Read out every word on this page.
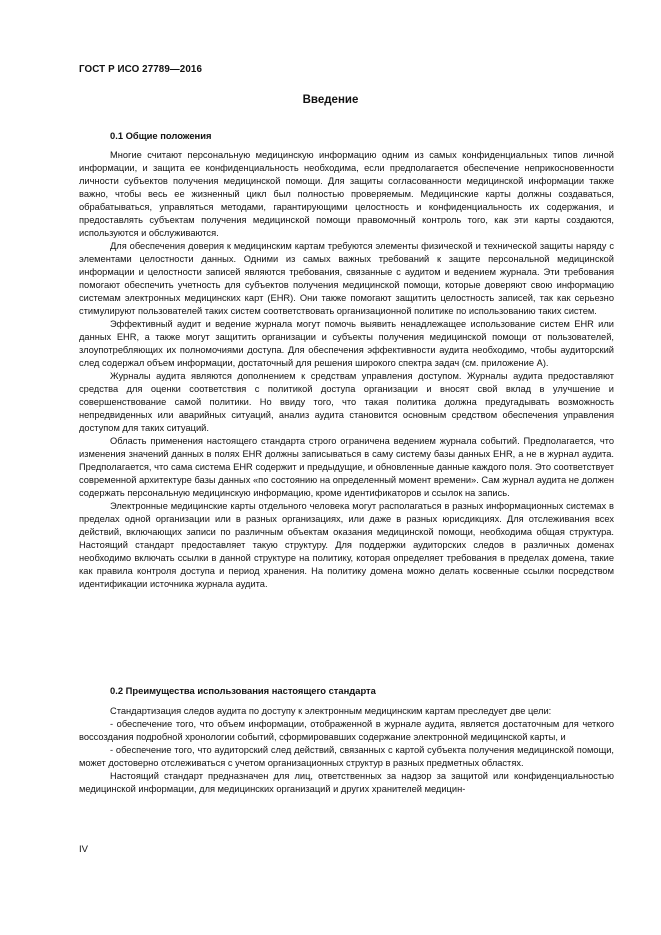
ГОСТ Р ИСО 27789—2016
Введение

0.1 Общие положения

Многие считают персональную медицинскую информацию одним из самых конфиденциальных типов личной информации, и защита ее конфиденциальность необходима, если предполагается обеспечение неприкосновенности личности субъектов получения медицинской помощи. Для защиты согласованности медицинской информации также важно, чтобы весь ее жизненный цикл был полностью проверяемым. Медицинские карты должны создаваться, обрабатываться, управляться методами, гарантирующими целостность и конфиденциальность их содержания, и предоставлять субъектам получения медицинской помощи правомочный контроль того, как эти карты создаются, используются и обслуживаются.

Для обеспечения доверия к медицинским картам требуются элементы физической и технической защиты наряду с элементами целостности данных. Одними из самых важных требований к защите персональной медицинской информации и целостности записей являются требования, связанные с аудитом и ведением журнала. Эти требования помогают обеспечить учетность для субъектов получения медицинской помощи, которые доверяют свою информацию системам электронных медицинских карт (EHR). Они также помогают защитить целостность записей, так как серьезно стимулируют пользователей таких систем соответствовать организационной политике по использованию таких систем.

Эффективный аудит и ведение журнала могут помочь выявить ненадлежащее использование систем EHR или данных EHR, а также могут защитить организации и субъекты получения медицинской помощи от пользователей, злоупотребляющих их полномочиями доступа. Для обеспечения эффективности аудита необходимо, чтобы аудиторский след содержал объем информации, достаточный для решения широкого спектра задач (см. приложение А).

Журналы аудита являются дополнением к средствам управления доступом. Журналы аудита предоставляют средства для оценки соответствия с политикой доступа организации и вносят свой вклад в улучшение и совершенствование самой политики. Но ввиду того, что такая политика должна предугадывать возможность непредвиденных или аварийных ситуаций, анализ аудита становится основным средством обеспечения управления доступом для таких ситуаций.

Область применения настоящего стандарта строго ограничена ведением журнала событий. Предполагается, что изменения значений данных в полях EHR должны записываться в саму систему базы данных EHR, а не в журнал аудита. Предполагается, что сама система EHR содержит и предыдущие, и обновленные данные каждого поля. Это соответствует современной архитектуре базы данных «по состоянию на определенный момент времени». Сам журнал аудита не должен содержать персональную медицинскую информацию, кроме идентификаторов и ссылок на запись.

Электронные медицинские карты отдельного человека могут располагаться в разных информационных системах в пределах одной организации или в разных организациях, или даже в разных юрисдикциях. Для отслеживания всех действий, включающих записи по различным объектам оказания медицинской помощи, необходима общая структура. Настоящий стандарт предоставляет такую структуру. Для поддержки аудиторских следов в различных доменах необходимо включать ссылки в данной структуре на политику, которая определяет требования в пределах домена, такие как правила контроля доступа и период хранения. На политику домена можно делать косвенные ссылки посредством идентификации источника журнала аудита.

0.2 Преимущества использования настоящего стандарта

Стандартизация следов аудита по доступу к электронным медицинским картам преследует две цели:

- обеспечение того, что объем информации, отображенной в журнале аудита, является достаточным для четкого воссоздания подробной хронологии событий, сформировавших содержание электронной медицинской карты, и

- обеспечение того, что аудиторский след действий, связанных с картой субъекта получения медицинской помощи, может достоверно отслеживаться с учетом организационных структур в разных предметных областях.

Настоящий стандарт предназначен для лиц, ответственных за надзор за защитой или конфиденциальностью медицинской информации, для медицинских организаций и других хранителей медицин-

IV
